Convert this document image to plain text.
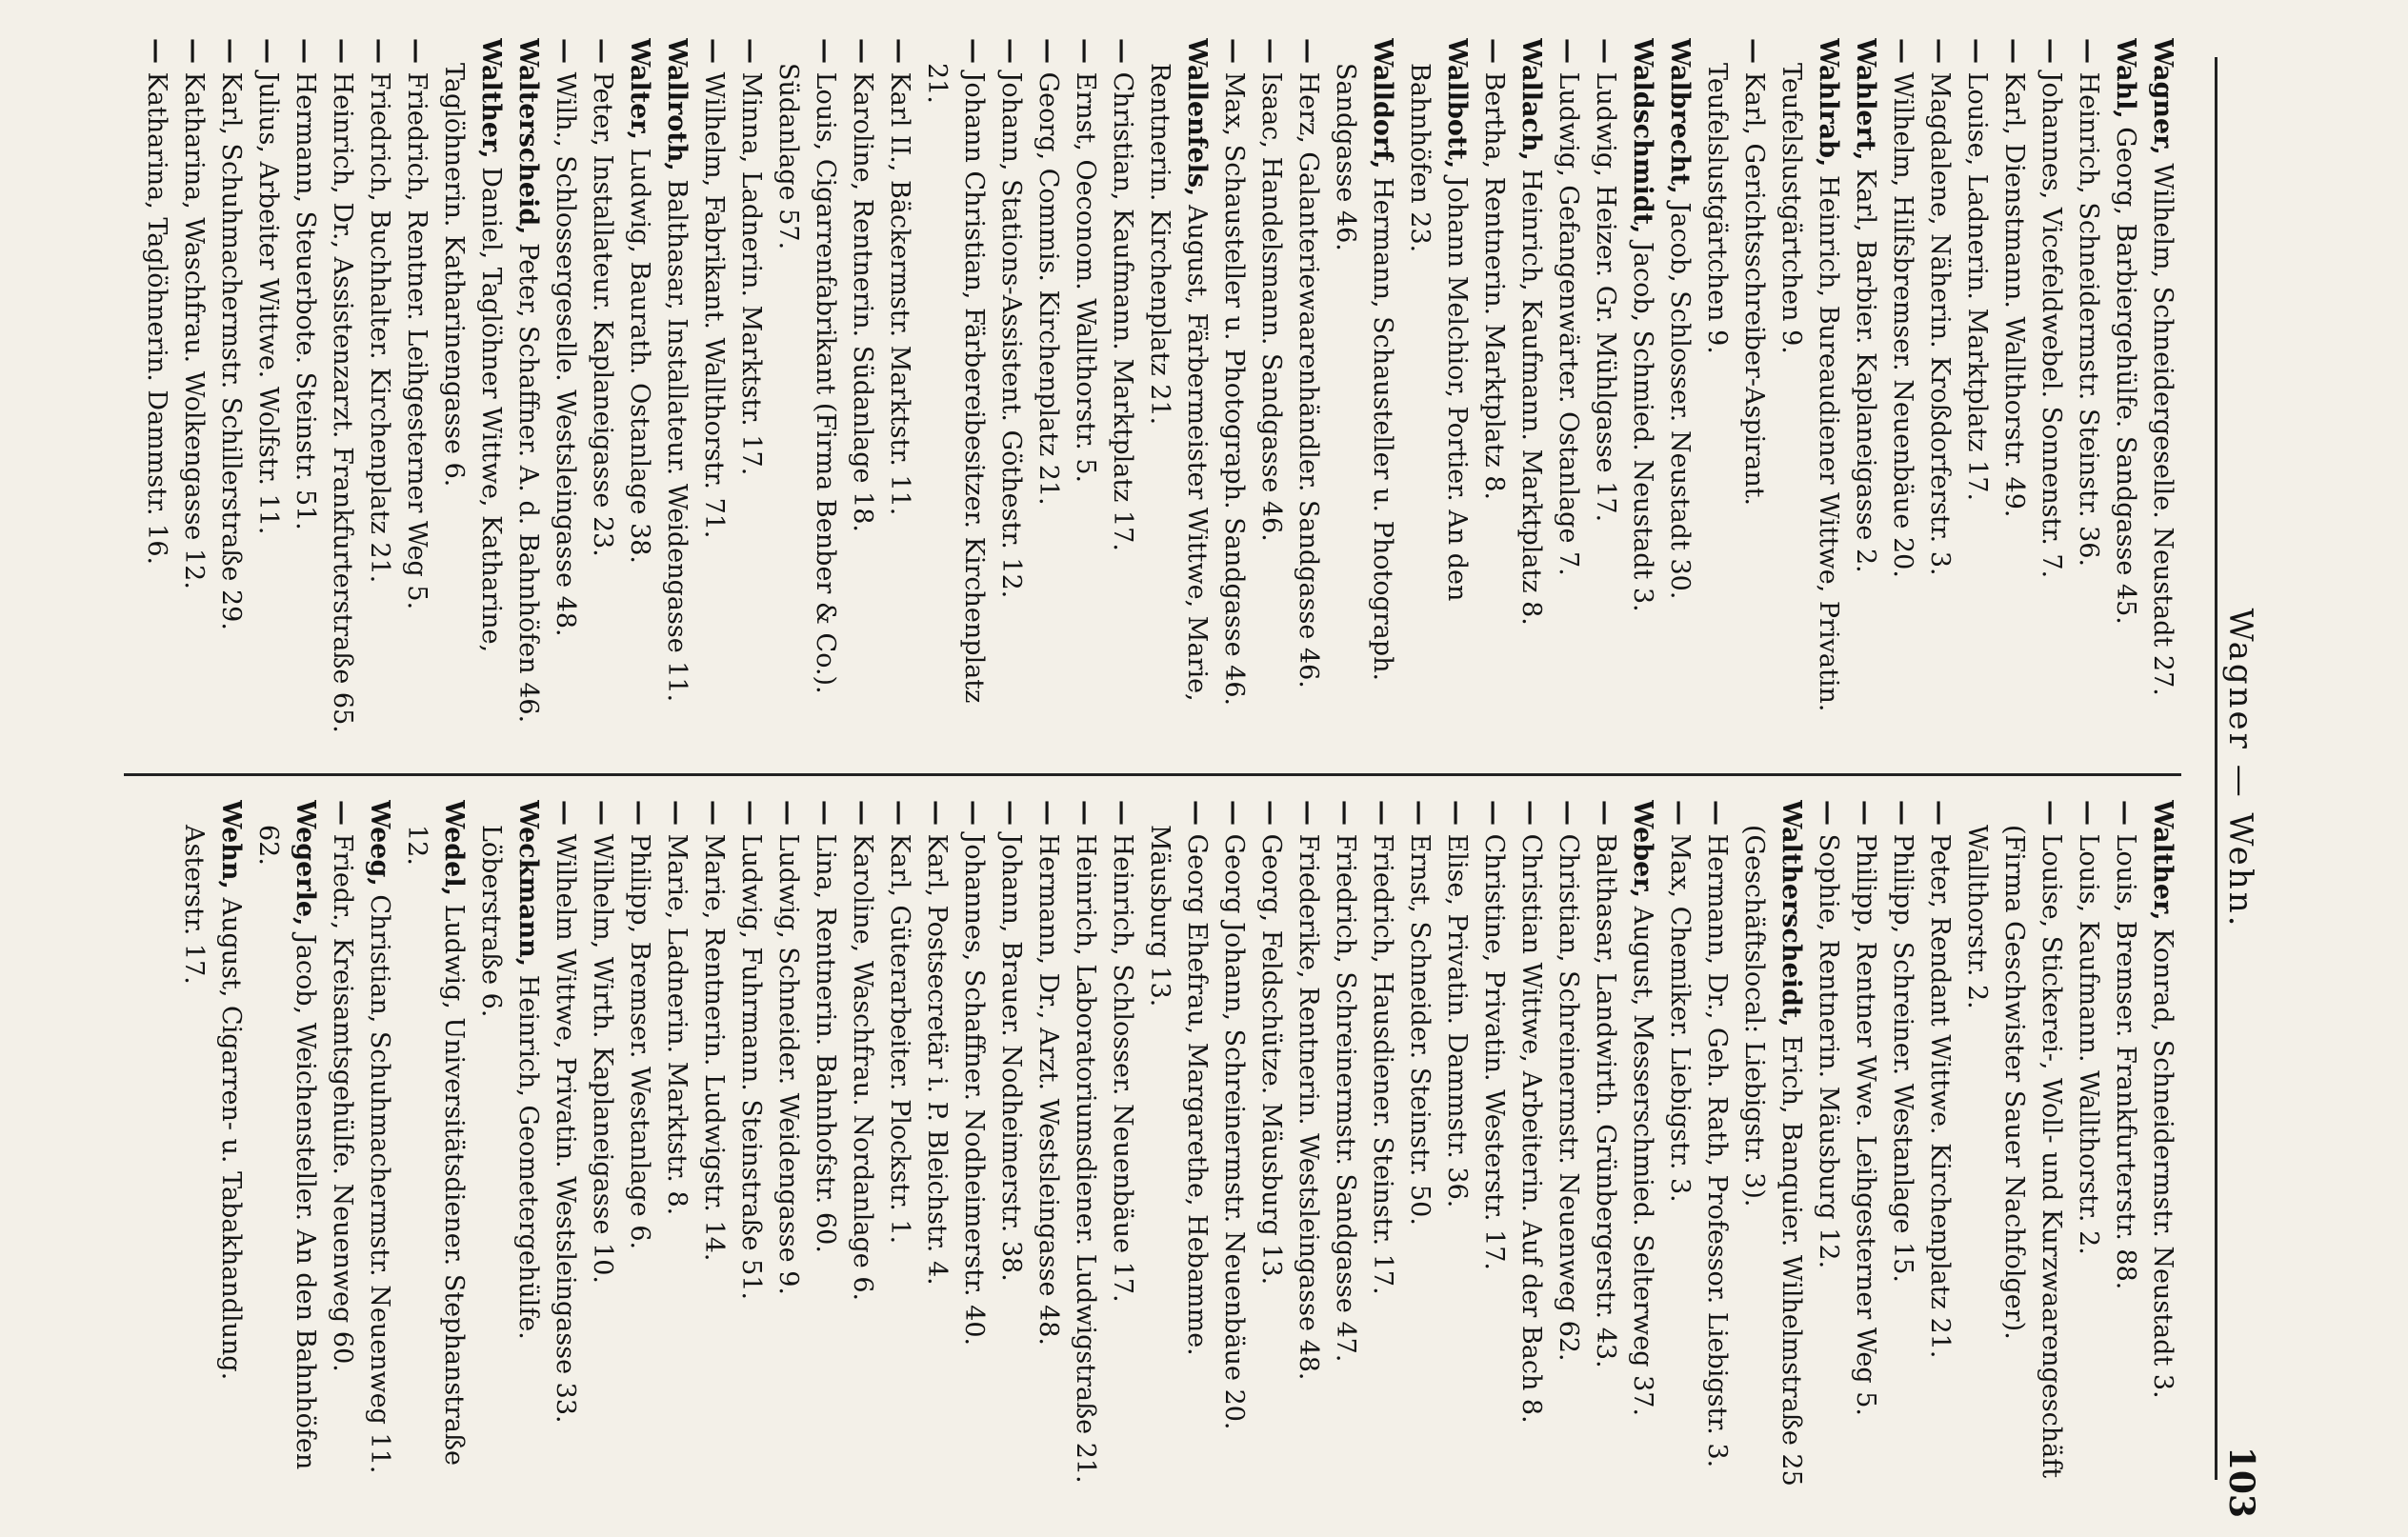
Wagner — Wehn.
103

Wagner, Wilhelm, Schneidergeselle. Neustadt 27.

Wahl, Georg, Barbiergehülfe. Sandgasse 45.

— Heinrich, Schneidermstr. Steinstr. 36.

— Johannes, Vicefeldwebel. Sonnenstr. 7.

— Karl, Dienstmann. Wallthorstr. 49.

— Louise, Ladnerin. Marktplatz 17.

— Magdalene, Näherin. Kroßdorferstr. 3.

— Wilhelm, Hilfsbremser. Neuenbäue 20.

Wahlert, Karl, Barbier. Kaplaneigasse 2.

Wahlrab, Heinrich, Bureaudiener Wittwe, Privatin. Teufelslustgärtchen 9.

— Karl, Gerichtsschreiber-Aspirant. Teufelslustgärtchen 9.

Walbrecht, Jacob, Schlosser. Neustadt 30.

Waldschmidt, Jacob, Schmied. Neustadt 3.

— Ludwig, Heizer. Gr. Mühlgasse 17.

— Ludwig, Gefangenwärter. Ostanlage 7.

Wallach, Heinrich, Kaufmann. Marktplatz 8.

— Bertha, Rentnerin. Marktplatz 8.

Wallbott, Johann Melchior, Portier. An den Bahnhöfen 23.

Walldorf, Hermann, Schausteller u. Photograph. Sandgasse 46.

— Herz, Galanteriewaarenhändler. Sandgasse 46.

— Isaac, Handelsmann. Sandgasse 46.

— Max, Schausteller u. Photograph. Sandgasse 46.

Wallenfels, August, Färbermeister Wittwe, Marie, Rentnerin. Kirchenplatz 21.

— Christian, Kaufmann. Marktplatz 17.

— Ernst, Oeconom. Wallthorstr. 5.

— Georg, Commis. Kirchenplatz 21.

— Johann, Stations-Assistent. Göthestr. 12.

— Johann Christian, Färbereibesitzer. Kirchenplatz 21.

— Karl II., Bäckermstr. Marktstr. 11.

— Karoline, Rentnerin. Südanlage 18.

— Louis, Cigarrenfabrikant (Firma Benber & Co.). Südanlage 57.

— Minna, Ladnerin. Marktstr. 17.

— Wilhelm, Fabrikant. Wallthorstr. 71.

Wallroth, Balthasar, Installateur. Weidengasse 11.

Walter, Ludwig, Baurath. Ostanlage 38.

— Peter, Installateur. Kaplaneigasse 23.

— Wilh., Schlossergeselle. Westsleingasse 48.

Walterscheid, Peter, Schaffner. A. d. Bahnhöfen 46.

Walther, Daniel, Taglöhner Wittwe, Katharine, Taglöhnerin. Katharinengasse 6.

— Friedrich, Rentner. Leihgesterner Weg 5.

— Friedrich, Buchhalter. Kirchenplatz 21.

— Heinrich, Dr., Assistenzarzt. Frankfurterstraße 65.

— Hermann, Steuerbote. Steinstr. 51.

— Julius, Arbeiter Wittwe. Wolfstr. 11.

— Karl, Schuhmachermstr. Schillerstraße 29.

— Katharina, Waschfrau. Wolkengasse 12.

— Katharina, Taglöhnerin. Dammstr. 16.

Walther, Konrad, Schneidermstr. Neustadt 3.

— Louis, Bremser. Frankfurterstr. 88.

— Louis, Kaufmann. Wallthorstr. 2.

— Louise, Stickerei-, Woll- und Kurzwaarengeschäft (Firma Geschwister Sauer Nachfolger). Wallthorstr. 2.

— Peter, Rendant Wittwe. Kirchenplatz 21.

— Philipp, Schreiner. Westanlage 15.

— Philipp, Rentner Wwe. Leihgesterner Weg 5.

— Sophie, Rentnerin. Mäusburg 12.

Waltherscheidt, Erich, Banquier. Wilhelmstraße 25 (Geschäftslocal: Liebigstr. 3).

— Hermann, Dr., Geh. Rath, Professor. Liebigstr. 3.

— Max, Chemiker. Liebigstr. 3.

Weber, August, Messerschmied. Selterweg 37.

— Balthasar, Landwirth. Grünbergerstr. 43.

— Christian, Schreinermstr. Neuenweg 62.

— Christian Wittwe, Arbeiterin. Auf der Bach 8.

— Christine, Privatin. Westerstr. 17.

— Elise, Privatin. Dammstr. 36.

— Ernst, Schneider. Steinstr. 50.

— Friedrich, Hausdiener. Steinstr. 17.

— Friedrich, Schreinermstr. Sandgasse 47.

— Friederike, Rentnerin. Westsleingasse 48.

— Georg, Feldschütze. Mäusburg 13.

— Georg Johann, Schreinermstr. Neuenbäue 20.

— Georg Ehefrau, Margarethe, Hebamme. Mäusburg 13.

— Heinrich, Schlosser. Neuenbäue 17.

— Heinrich, Laboratoriumsdiener. Ludwigstraße 21.

— Hermann, Dr., Arzt. Westsleingasse 48.

— Johann, Brauer. Nodheimerstr. 38.

— Johannes, Schaffner. Nodheimerstr. 40.

— Karl, Postsecretär i. P. Bleichstr. 4.

— Karl, Güterarbeiter. Plockstr. 1.

— Karoline, Waschfrau. Nordanlage 6.

— Lina, Rentnerin. Bahnhofstr. 60.

— Ludwig, Schneider. Weidengasse 9.

— Ludwig, Fuhrmann. Steinstraße 51.

— Marie, Rentnerin. Ludwigstr. 14.

— Marie, Ladnerin. Marktstr. 8.

— Philipp, Bremser. Westanlage 6.

— Wilhelm, Wirth. Kaplaneigasse 10.

— Wilhelm Wittwe, Privatin. Westsleingasse 33.

Weckmann, Heinrich, Geometergehülfe. Löberstraße 6.

Wedel, Ludwig, Universitätsdiener. Stephanstraße 12.

Weeg, Christian, Schuhmachermstr. Neuenweg 11.

— Friedr., Kreisamtsgehülfe. Neuenweg 60.

Wegerle, Jacob, Weichensteller. An den Bahnhöfen 62.

Wehn, August, Cigarren- u. Tabakhandlung. Asterstr. 17.
